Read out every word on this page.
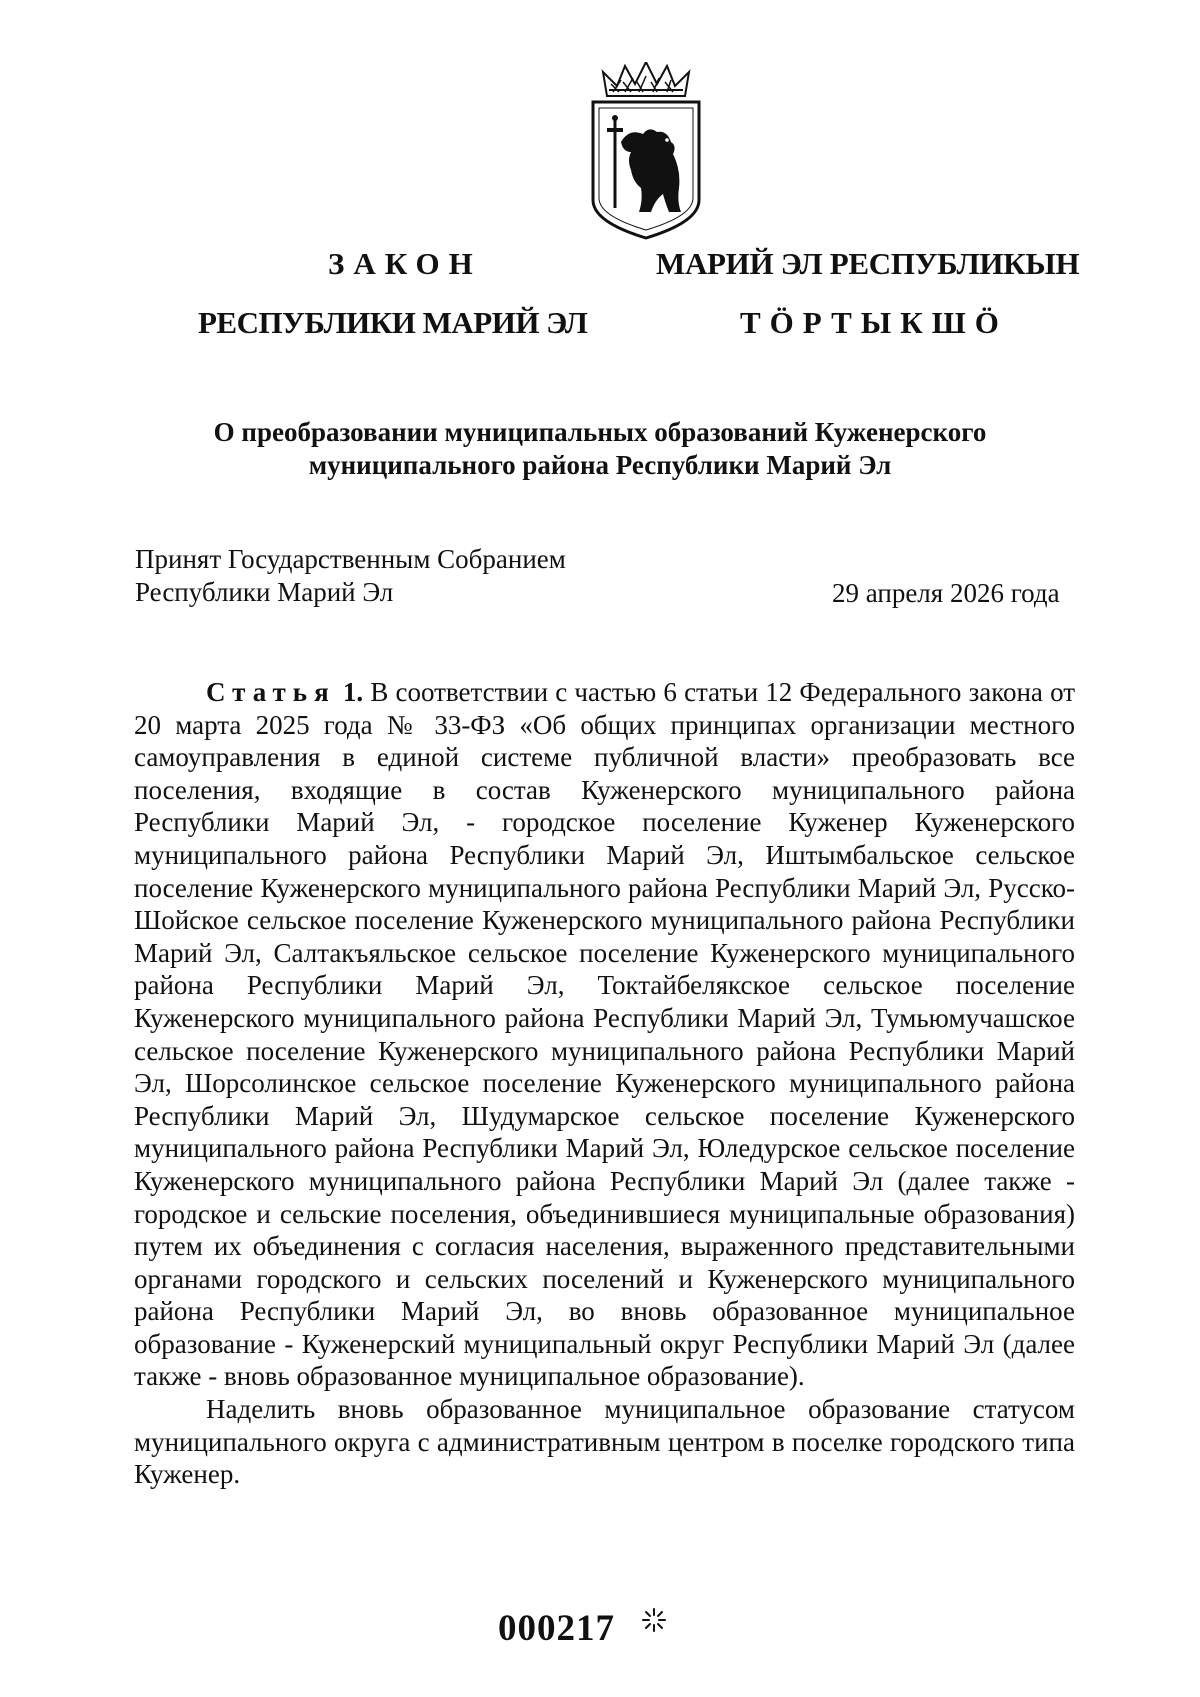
ЗАКОН
РЕСПУБЛИКИ МАРИЙ ЭЛ
МАРИЙ ЭЛ РЕСПУБЛИКЫН
ТӦРТЫКШӦ
О преобразовании муниципальных образований Куженерского
муниципального района Республики Марий Эл
Принят Государственным Собранием
Республики Марий Эл	29 апреля 2026 года

Статья 1. В соответствии с частью 6 статьи 12 Федерального закона от 20 марта 2025 года № 33-ФЗ «Об общих принципах организации местного самоуправления в единой системе публичной власти» преобразовать все поселения, входящие в состав Куженерского муниципального района Республики Марий Эл, - городское поселение Куженер Куженерского муниципального района Республики Марий Эл, Иштымбальское сельское поселение Куженерского муниципального района Республики Марий Эл, Русско-Шойское сельское поселение Куженерского муниципального района Республики Марий Эл, Салтакъяльское сельское поселение Куженерского муниципального района Республики Марий Эл, Токтайбелякское сельское поселение Куженерского муниципального района Республики Марий Эл, Тумьюмучашское сельское поселение Куженерского муниципального района Республики Марий Эл, Шорсолинское сельское поселение Куженерского муниципального района Республики Марий Эл, Шудумарское сельское поселение Куженерского муниципального района Республики Марий Эл, Юледурское сельское поселение Куженерского муниципального района Республики Марий Эл (далее также - городское и сельские поселения, объединившиеся муниципальные образования) путем их объединения с согласия населения, выраженного представительными органами городского и сельских поселений и Куженерского муниципального района Республики Марий Эл, во вновь образованное муниципальное образование - Куженерский муниципальный округ Республики Марий Эл (далее также - вновь образованное муниципальное образование).

Наделить вновь образованное муниципальное образование статусом муниципального округа с административным центром в поселке городского типа Куженер.

000217
